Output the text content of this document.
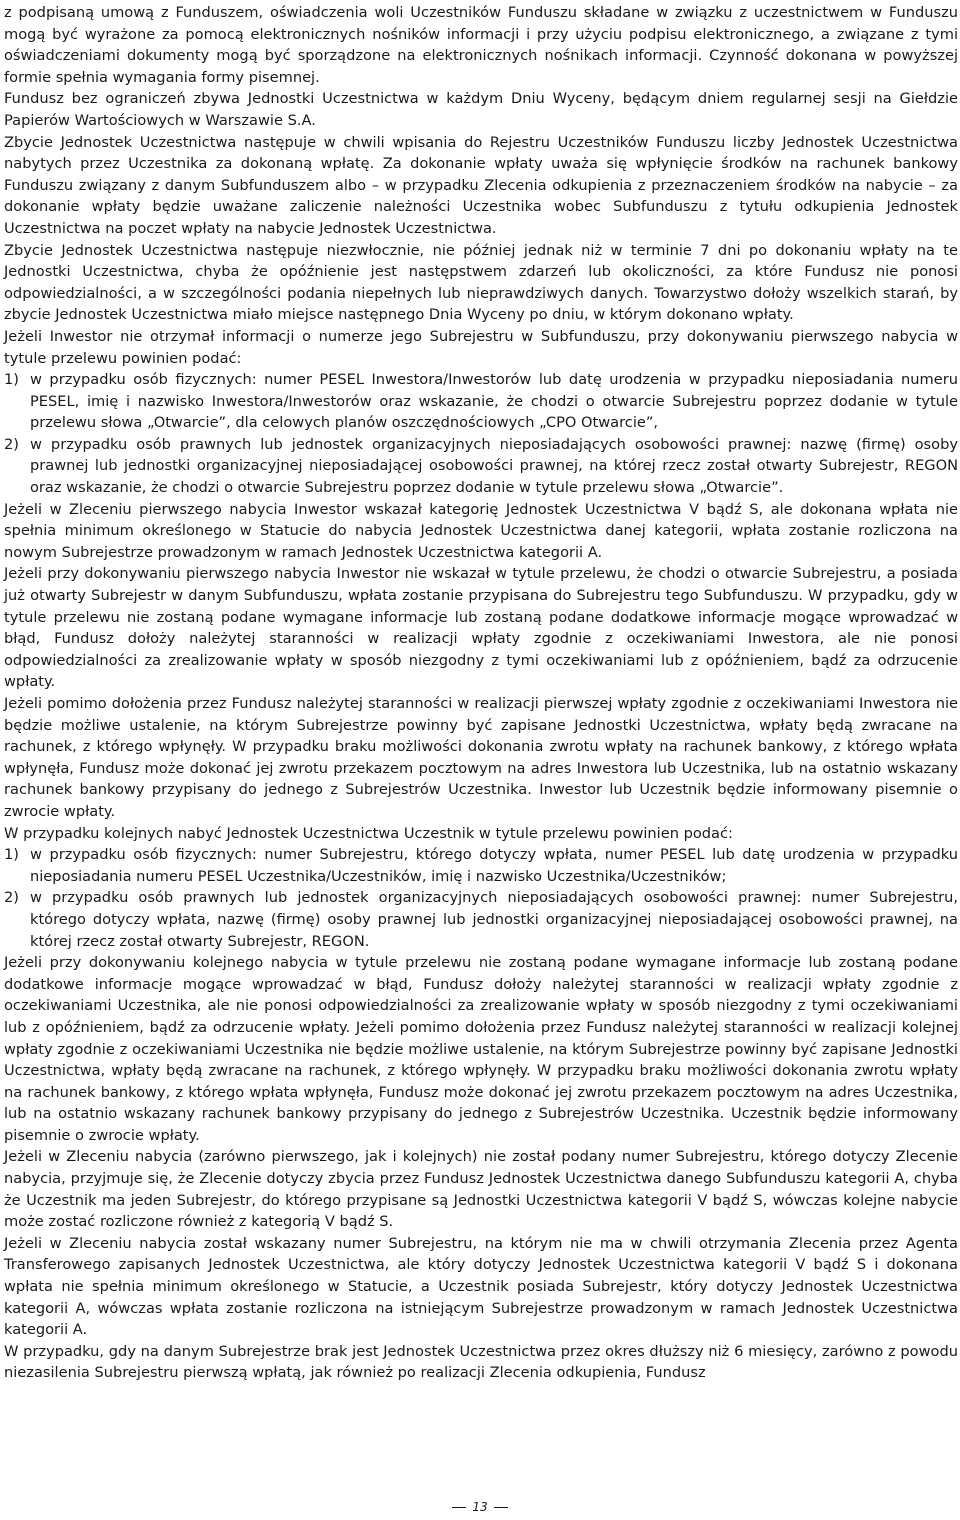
z podpisaną umową z Funduszem, oświadczenia woli Uczestników Funduszu składane w związku z uczestnictwem w Funduszu mogą być wyrażone za pomocą elektronicznych nośników informacji i przy użyciu podpisu elektronicznego, a związane z tymi oświadczeniami dokumenty mogą być sporządzone na elektronicznych nośnikach informacji. Czynność dokonana w powyższej formie spełnia wymagania formy pisemnej.

Fundusz bez ograniczeń zbywa Jednostki Uczestnictwa w każdym Dniu Wyceny, będącym dniem regularnej sesji na Giełdzie Papierów Wartościowych w Warszawie S.A.

Zbycie Jednostek Uczestnictwa następuje w chwili wpisania do Rejestru Uczestników Funduszu liczby Jednostek Uczestnictwa nabytych przez Uczestnika za dokonaną wpłatę. Za dokonanie wpłaty uważa się wpłynięcie środków na rachunek bankowy Funduszu związany z danym Subfunduszem albo – w przypadku Zlecenia odkupienia z przeznaczeniem środków na nabycie – za dokonanie wpłaty będzie uważane zaliczenie należności Uczestnika wobec Subfunduszu z tytułu odkupienia Jednostek Uczestnictwa na poczet wpłaty na nabycie Jednostek Uczestnictwa.

Zbycie Jednostek Uczestnictwa następuje niezwłocznie, nie później jednak niż w terminie 7 dni po dokonaniu wpłaty na te Jednostki Uczestnictwa, chyba że opóźnienie jest następstwem zdarzeń lub okoliczności, za które Fundusz nie ponosi odpowiedzialności, a w szczególności podania niepełnych lub nieprawdziwych danych. Towarzystwo dołoży wszelkich starań, by zbycie Jednostek Uczestnictwa miało miejsce następnego Dnia Wyceny po dniu, w którym dokonano wpłaty.

Jeżeli Inwestor nie otrzymał informacji o numerze jego Subrejestru w Subfunduszu, przy dokonywaniu pierwszego nabycia w tytule przelewu powinien podać:

1) w przypadku osób fizycznych: numer PESEL Inwestora/Inwestorów lub datę urodzenia w przypadku nieposiadania numeru PESEL, imię i nazwisko Inwestora/Inwestorów oraz wskazanie, że chodzi o otwarcie Subrejestru poprzez dodanie w tytule przelewu słowa „Otwarcie”, dla celowych planów oszczędnościowych „CPO Otwarcie”,
2) w przypadku osób prawnych lub jednostek organizacyjnych nieposiadających osobowości prawnej: nazwę (firmę) osoby prawnej lub jednostki organizacyjnej nieposiadającej osobowości prawnej, na której rzecz został otwarty Subrejestr, REGON oraz wskazanie, że chodzi o otwarcie Subrejestru poprzez dodanie w tytule przelewu słowa „Otwarcie”.

Jeżeli w Zleceniu pierwszego nabycia Inwestor wskazał kategorię Jednostek Uczestnictwa V bądź S, ale dokonana wpłata nie spełnia minimum określonego w Statucie do nabycia Jednostek Uczestnictwa danej kategorii, wpłata zostanie rozliczona na nowym Subrejestrze prowadzonym w ramach Jednostek Uczestnictwa kategorii A.

Jeżeli przy dokonywaniu pierwszego nabycia Inwestor nie wskazał w tytule przelewu, że chodzi o otwarcie Subrejestru, a posiada już otwarty Subrejestr w danym Subfunduszu, wpłata zostanie przypisana do Subrejestru tego Subfunduszu. W przypadku, gdy w tytule przelewu nie zostaną podane wymagane informacje lub zostaną podane dodatkowe informacje mogące wprowadzać w błąd, Fundusz dołoży należytej staranności w realizacji wpłaty zgodnie z oczekiwaniami Inwestora, ale nie ponosi odpowiedzialności za zrealizowanie wpłaty w sposób niezgodny z tymi oczekiwaniami lub z opóźnieniem, bądź za odrzucenie wpłaty.

Jeżeli pomimo dołożenia przez Fundusz należytej staranności w realizacji pierwszej wpłaty zgodnie z oczekiwaniami Inwestora nie będzie możliwe ustalenie, na którym Subrejestrze powinny być zapisane Jednostki Uczestnictwa, wpłaty będą zwracane na rachunek, z którego wpłynęły. W przypadku braku możliwości dokonania zwrotu wpłaty na rachunek bankowy, z którego wpłata wpłynęła, Fundusz może dokonać jej zwrotu przekazem pocztowym na adres Inwestora lub Uczestnika, lub na ostatnio wskazany rachunek bankowy przypisany do jednego z Subrejestrów Uczestnika. Inwestor lub Uczestnik będzie informowany pisemnie o zwrocie wpłaty.

W przypadku kolejnych nabyć Jednostek Uczestnictwa Uczestnik w tytule przelewu powinien podać:

1) w przypadku osób fizycznych: numer Subrejestru, którego dotyczy wpłata, numer PESEL lub datę urodzenia w przypadku nieposiadania numeru PESEL Uczestnika/Uczestników, imię i nazwisko Uczestnika/Uczestników;
2) w przypadku osób prawnych lub jednostek organizacyjnych nieposiadających osobowości prawnej: numer Subrejestru, którego dotyczy wpłata, nazwę (firmę) osoby prawnej lub jednostki organizacyjnej nieposiadającej osobowości prawnej, na której rzecz został otwarty Subrejestr, REGON.

Jeżeli przy dokonywaniu kolejnego nabycia w tytule przelewu nie zostaną podane wymagane informacje lub zostaną podane dodatkowe informacje mogące wprowadzać w błąd, Fundusz dołoży należytej staranności w realizacji wpłaty zgodnie z oczekiwaniami Uczestnika, ale nie ponosi odpowiedzialności za zrealizowanie wpłaty w sposób niezgodny z tymi oczekiwaniami lub z opóźnieniem, bądź za odrzucenie wpłaty. Jeżeli pomimo dołożenia przez Fundusz należytej staranności w realizacji kolejnej wpłaty zgodnie z oczekiwaniami Uczestnika nie będzie możliwe ustalenie, na którym Subrejestrze powinny być zapisane Jednostki Uczestnictwa, wpłaty będą zwracane na rachunek, z którego wpłynęły. W przypadku braku możliwości dokonania zwrotu wpłaty na rachunek bankowy, z którego wpłata wpłynęła, Fundusz może dokonać jej zwrotu przekazem pocztowym na adres Uczestnika, lub na ostatnio wskazany rachunek bankowy przypisany do jednego z Subrejestrów Uczestnika. Uczestnik będzie informowany pisemnie o zwrocie wpłaty.

Jeżeli w Zleceniu nabycia (zarówno pierwszego, jak i kolejnych) nie został podany numer Subrejestru, którego dotyczy Zlecenie nabycia, przyjmuje się, że Zlecenie dotyczy zbycia przez Fundusz Jednostek Uczestnictwa danego Subfunduszu kategorii A, chyba że Uczestnik ma jeden Subrejestr, do którego przypisane są Jednostki Uczestnictwa kategorii V bądź S, wówczas kolejne nabycie może zostać rozliczone również z kategorią V bądź S.

Jeżeli w Zleceniu nabycia został wskazany numer Subrejestru, na którym nie ma w chwili otrzymania Zlecenia przez Agenta Transferowego zapisanych Jednostek Uczestnictwa, ale który dotyczy Jednostek Uczestnictwa kategorii V bądź S i dokonana wpłata nie spełnia minimum określonego w Statucie, a Uczestnik posiada Subrejestr, który dotyczy Jednostek Uczestnictwa kategorii A, wówczas wpłata zostanie rozliczona na istniejącym Subrejestrze prowadzonym w ramach Jednostek Uczestnictwa kategorii A.

W przypadku, gdy na danym Subrejestrze brak jest Jednostek Uczestnictwa przez okres dłuższy niż 6 miesięcy, zarówno z powodu niezasilenia Subrejestru pierwszą wpłatą, jak również po realizacji Zlecenia odkupienia, Fundusz

13
